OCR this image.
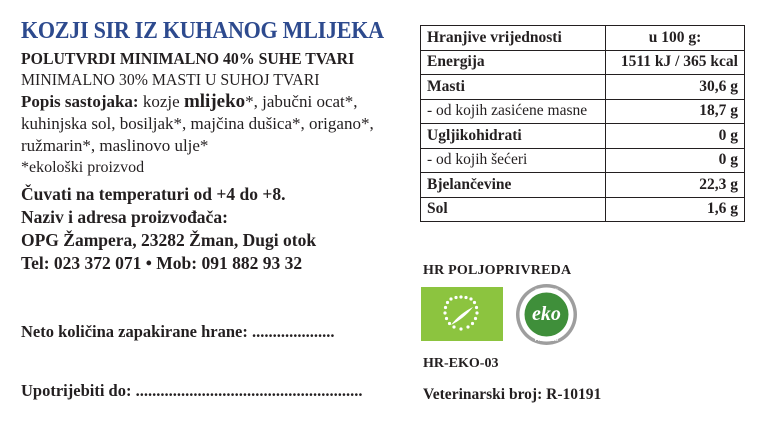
KOZJI SIR IZ KUHANOG MLIJEKA
POLUTVRDI MINIMALNO 40% SUHE TVARI
MINIMALNO 30% MASTI U SUHOJ TVARI
Popis sastojaka: kozje mlijeko*, jabučni ocat*, kuhinjska sol, bosiljak*, majčina dušica*, origano*, ružmarin*, maslinovo ulje*
*ekološki proizvod
Čuvati na temperaturi od +4 do +8.
Naziv i adresa proizvođača:
OPG Žampera, 23282 Žman, Dugi otok
Tel: 023 372 071 • Mob: 091 882 93 32
Neto količina zapakirane hrane: ....................
Upotrijebiti do: .......................................................
Hranjive vrijednosti	u 100 g:
Energija	1511 kJ / 365 kcal
Masti	30,6 g
- od kojih zasićene masne	18,7 g
Ugljikohidrati	0 g
- od kojih šećeri	0 g
Bjelančevine	22,3 g
Sol	1,6 g
HR POLJOPRIVREDA
eko
HRVATSKI
PROIZVOD
HR-EKO-03
Veterinarski broj: R-10191
